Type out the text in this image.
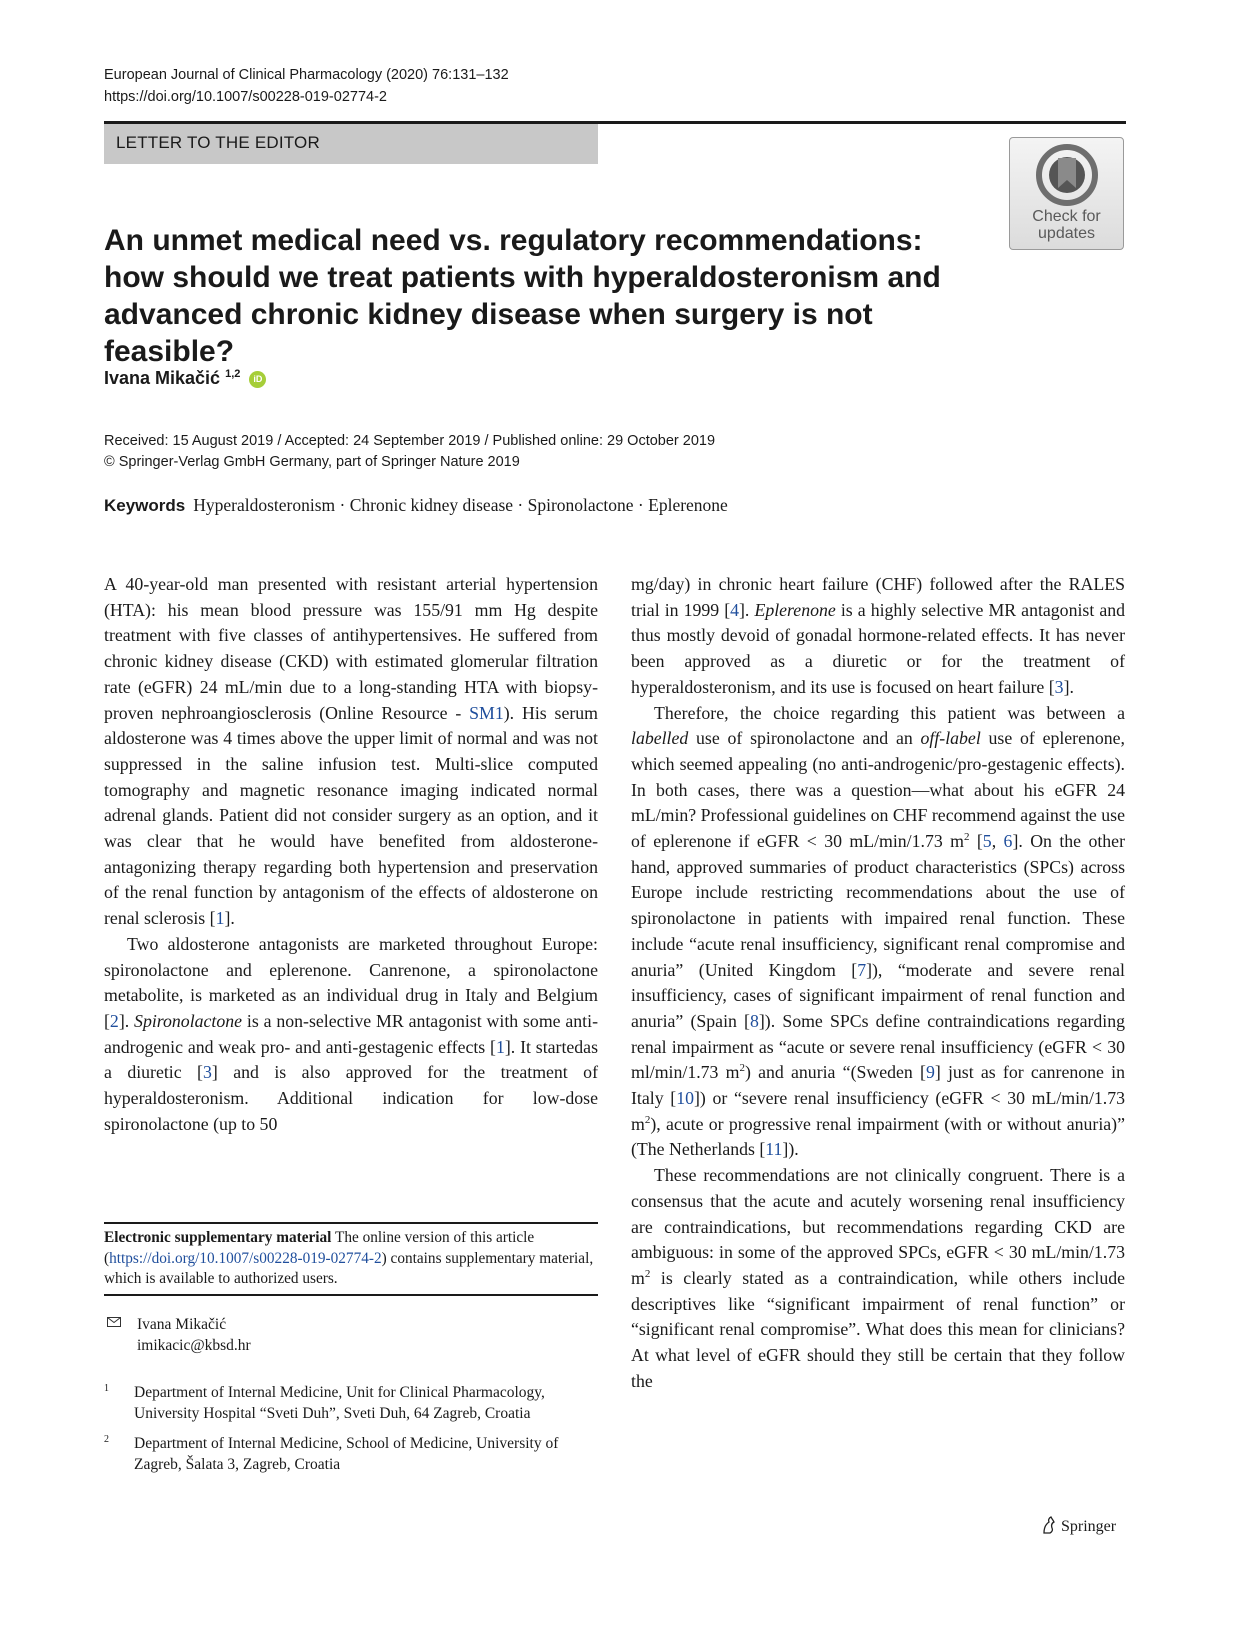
European Journal of Clinical Pharmacology (2020) 76:131–132
https://doi.org/10.1007/s00228-019-02774-2
LETTER TO THE EDITOR
Check for
updates
An unmet medical need vs. regulatory recommendations: how should we treat patients with hyperaldosteronism and advanced chronic kidney disease when surgery is not feasible?
Ivana Mikačić $^{1,2}$ iD
Received: 15 August 2019 / Accepted: 24 September 2019 / Published online: 29 October 2019
© Springer-Verlag GmbH Germany, part of Springer Nature 2019
Keywords Hyperaldosteronism · Chronic kidney disease · Spironolactone · Eplerenone

A 40-year-old man presented with resistant arterial hypertension (HTA): his mean blood pressure was 155/91 mm Hg despite treatment with five classes of antihypertensives. He suffered from chronic kidney disease (CKD) with estimated glomerular filtration rate (eGFR) 24 mL/min due to a long-standing HTA with biopsy-proven nephroangiosclerosis (Online Resource - SM1). His serum aldosterone was 4 times above the upper limit of normal and was not suppressed in the saline infusion test. Multi-slice computed tomography and magnetic resonance imaging indicated normal adrenal glands. Patient did not consider surgery as an option, and it was clear that he would have benefited from aldosterone-antagonizing therapy regarding both hypertension and preservation of the renal function by antagonism of the effects of aldosterone on renal sclerosis [1].

Two aldosterone antagonists are marketed throughout Europe: spironolactone and eplerenone. Canrenone, a spironolactone metabolite, is marketed as an individual drug in Italy and Belgium [2]. Spironolactone is a non-selective MR antagonist with some anti-androgenic and weak pro- and anti-gestagenic effects [1]. It startedas a diuretic [3] and is also approved for the treatment of hyperaldosteronism. Additional indication for low-dose spironolactone (up to 50

mg/day) in chronic heart failure (CHF) followed after the RALES trial in 1999 [4]. Eplerenone is a highly selective MR antagonist and thus mostly devoid of gonadal hormone-related effects. It has never been approved as a diuretic or for the treatment of hyperaldosteronism, and its use is focused on heart failure [3].

Therefore, the choice regarding this patient was between a labelled use of spironolactone and an off-label use of eplerenone, which seemed appealing (no anti-androgenic/pro-gestagenic effects). In both cases, there was a question—what about his eGFR 24 mL/min? Professional guidelines on CHF recommend against the use of eplerenone if eGFR < 30 mL/min/1.73 $m^2$ [5, 6]. On the other hand, approved summaries of product characteristics (SPCs) across Europe include restricting recommendations about the use of spironolactone in patients with impaired renal function. These include “acute renal insufficiency, significant renal compromise and anuria” (United Kingdom [7]), “moderate and severe renal insufficiency, cases of significant impairment of renal function and anuria” (Spain [8]). Some SPCs define contraindications regarding renal impairment as “acute or severe renal insufficiency (eGFR < 30 ml/min/1.73 $m^2$) and anuria “(Sweden [9] just as for canrenone in Italy [10]) or “severe renal insufficiency (eGFR < 30 mL/min/1.73 $m^2$), acute or progressive renal impairment (with or without anuria)” (The Netherlands [11]).

These recommendations are not clinically congruent. There is a consensus that the acute and acutely worsening renal insufficiency are contraindications, but recommendations regarding CKD are ambiguous: in some of the approved SPCs, eGFR < 30 mL/min/1.73 $m^2$ is clearly stated as a contraindication, while others include descriptives like “significant impairment of renal function” or “significant renal compromise”. What does this mean for clinicians? At what level of eGFR should they still be certain that they follow the

Electronic supplementary material The online version of this article (https://doi.org/10.1007/s00228-019-02774-2) contains supplementary material, which is available to authorized users.
Ivana Mikačić
imikacic@kbsd.hr
1 Department of Internal Medicine, Unit for Clinical Pharmacology, University Hospital “Sveti Duh”, Sveti Duh, 64 Zagreb, Croatia
2 Department of Internal Medicine, School of Medicine, University of Zagreb, Šalata 3, Zagreb, Croatia
Springer
